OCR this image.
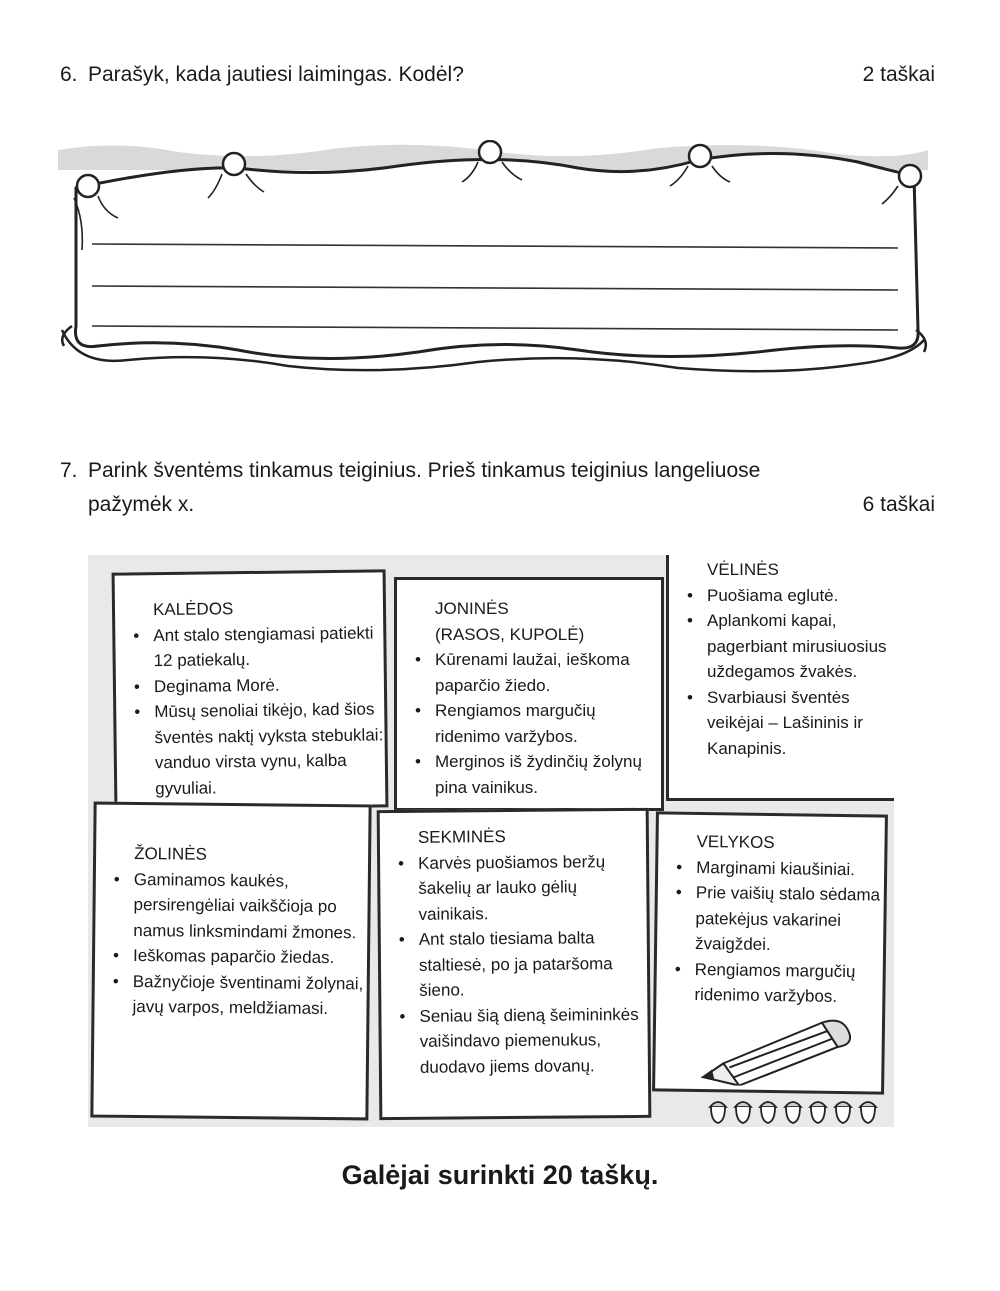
6. Parašyk, kada jautiesi laimingas. Kodėl?	2 taškai
7. Parink šventėms tinkamus teiginius. Prieš tinkamus teiginius langeliuose
pažymėk x.	6 taškai
KALĖDOS
• Ant stalo stengiamasi patiekti 12 patiekalų.
• Deginama Morė.
• Mūsų senoliai tikėjo, kad šios šventės naktį vyksta stebuklai: vanduo virsta vynu, kalba gyvuliai.
JONINĖS
(RASOS, KUPOLĖ)
• Kūrenami laužai, ieškoma paparčio žiedo.
• Rengiamos margučių ridenimo varžybos.
• Merginos iš žydinčių žolynų pina vainikus.
VĖLINĖS
• Puošiama eglutė.
• Aplankomi kapai, pagerbiant mirusiuosius uždegamos žvakės.
• Svarbiausi šventės veikėjai – Lašininis ir Kanapinis.
ŽOLINĖS
• Gaminamos kaukės, persirengėliai vaikščioja po namus linksmindami žmones.
• Ieškomas paparčio žiedas.
• Bažnyčioje šventinami žolynai, javų varpos, meldžiamasi.
SEKMINĖS
• Karvės puošiamos beržų šakelių ar lauko gėlių vainikais.
• Ant stalo tiesiama balta staltiesė, po ja pataršoma šieno.
• Seniau šią dieną šeimininkės vaišindavo piemenukus, duodavo jiems dovanų.
VELYKOS
• Marginami kiaušiniai.
• Prie vaišių stalo sėdama patekėjus vakarinei žvaigždei.
• Rengiamos margučių ridenimo varžybos.
Galėjai surinkti 20 taškų.
